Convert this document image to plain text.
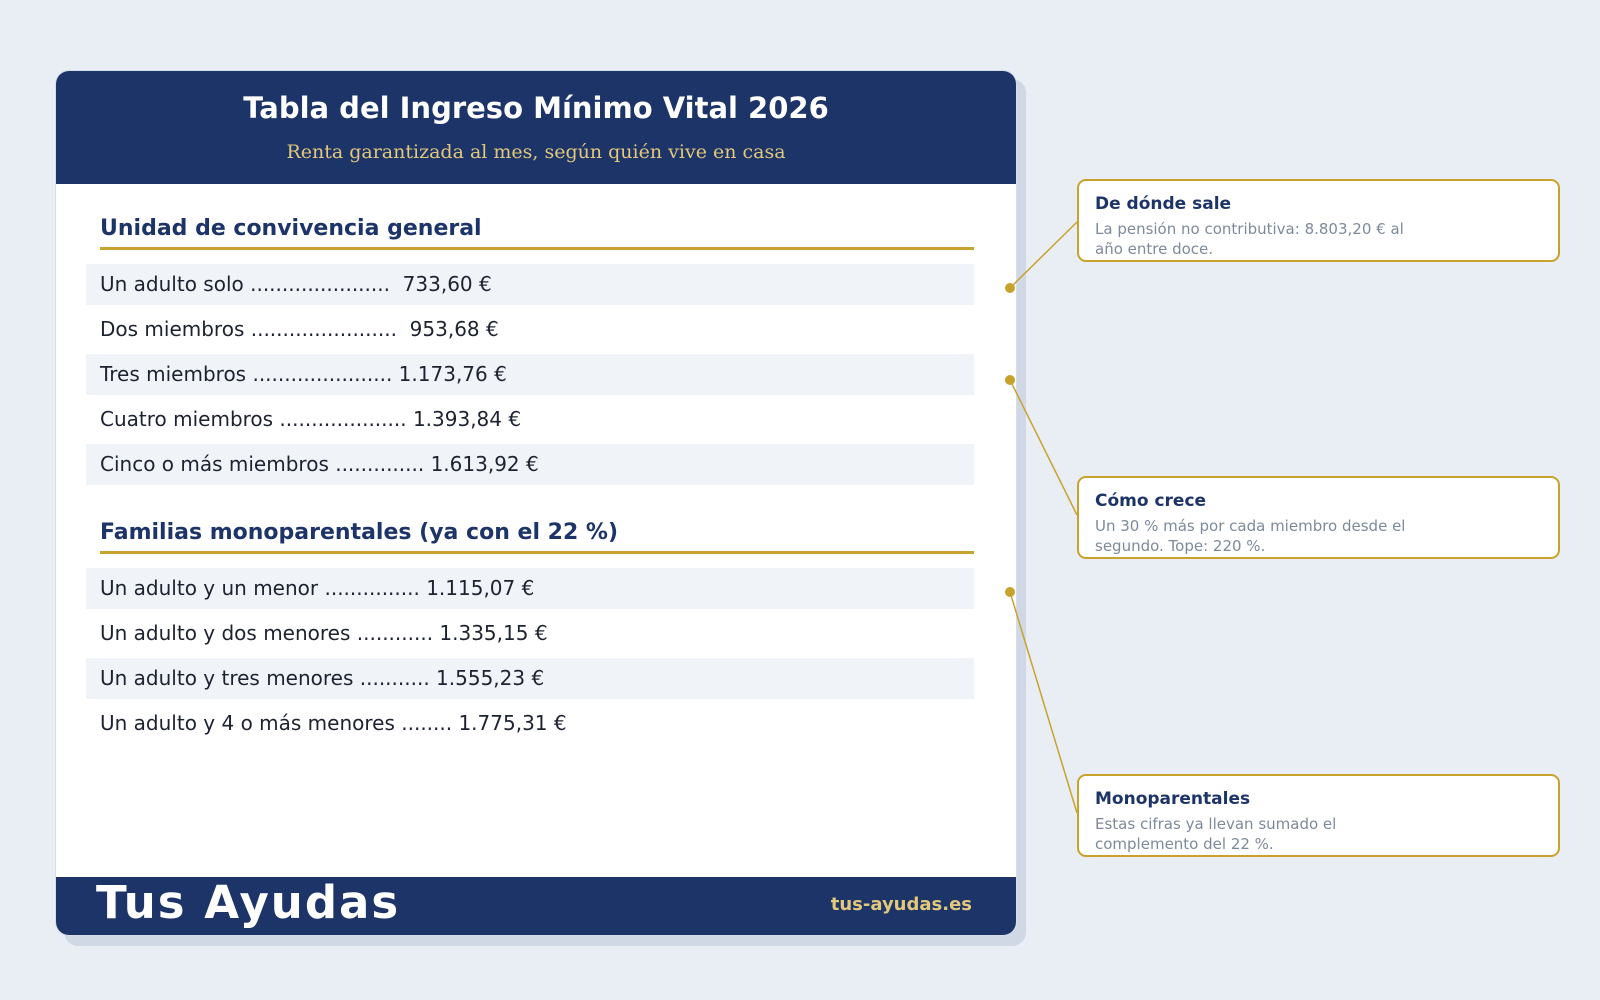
Tabla del Ingreso Mínimo Vital 2026
Renta garantizada al mes, según quién vive en casa
Unidad de convivencia general
Un adulto solo ......................  733,60 €
Dos miembros .......................  953,68 €
Tres miembros ...................... 1.173,76 €
Cuatro miembros .................... 1.393,84 €
Cinco o más miembros .............. 1.613,92 €
Familias monoparentales (ya con el 22 %)
Un adulto y un menor ............... 1.115,07 €
Un adulto y dos menores ............ 1.335,15 €
Un adulto y tres menores ........... 1.555,23 €
Un adulto y 4 o más menores ........ 1.775,31 €
Tus Ayudas	tus-ayudas.es
De dónde sale
La pensión no contributiva: 8.803,20 € al año entre doce.
Cómo crece
Un 30 % más por cada miembro desde el segundo. Tope: 220 %.
Monoparentales
Estas cifras ya llevan sumado el complemento del 22 %.
